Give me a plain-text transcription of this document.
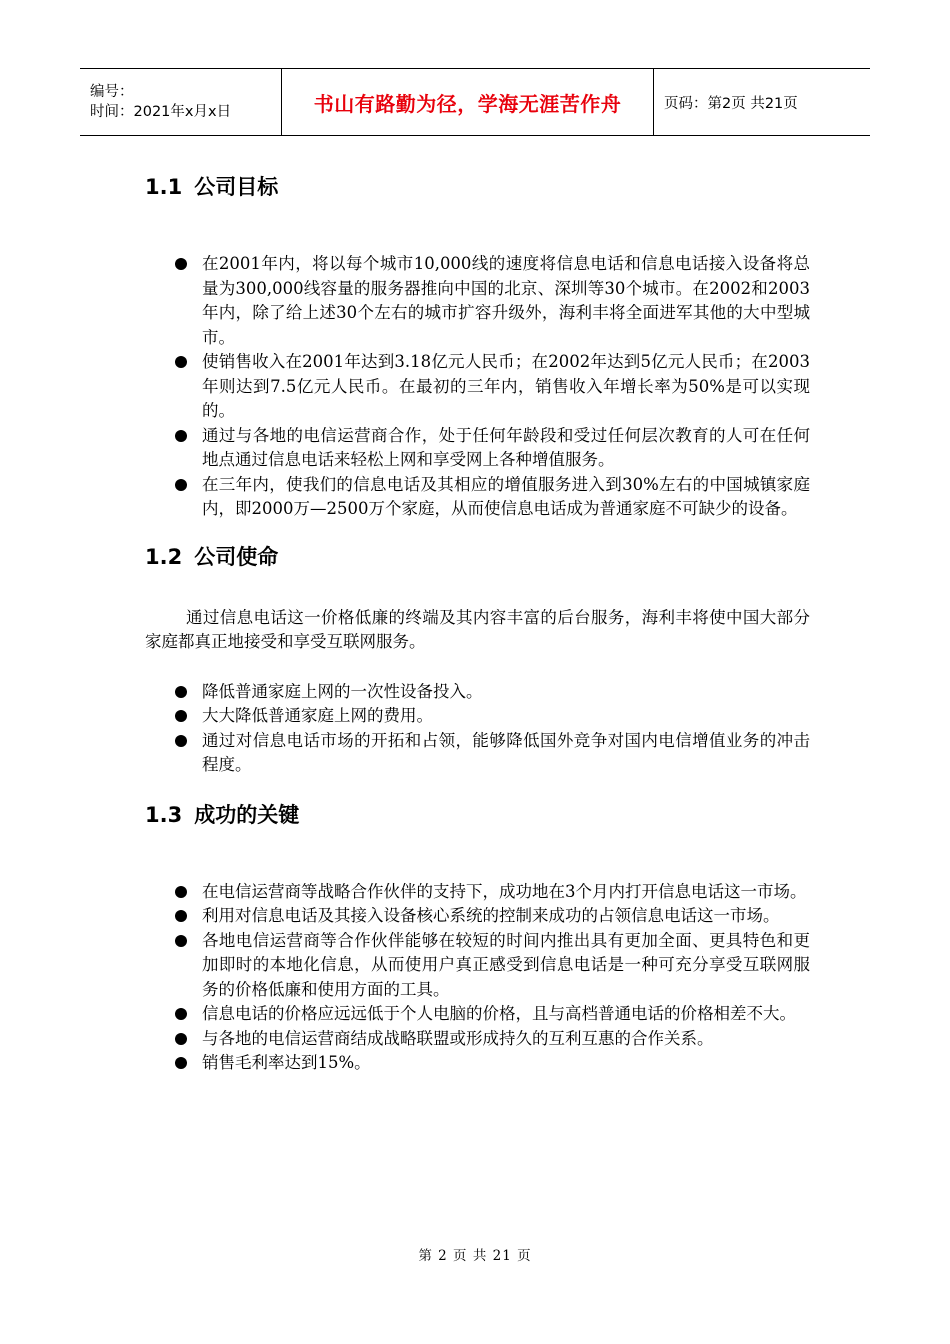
编号：
时间：2021年x月x日	书山有路勤为径，学海无涯苦作舟	页码：第2页 共21页
1.1 公司目标
在2001年内，将以每个城市10,000线的速度将信息电话和信息电话接入设备将总量为300,000线容量的服务器推向中国的北京、深圳等30个城市。在2002和2003年内，除了给上述30个左右的城市扩容升级外，海利丰将全面进军其他的大中型城市。
使销售收入在2001年达到3.18亿元人民币；在2002年达到5亿元人民币；在2003年则达到7.5亿元人民币。在最初的三年内，销售收入年增长率为50%是可以实现的。
通过与各地的电信运营商合作，处于任何年龄段和受过任何层次教育的人可在任何地点通过信息电话来轻松上网和享受网上各种增值服务。
在三年内，使我们的信息电话及其相应的增值服务进入到30%左右的中国城镇家庭内，即2000万—2500万个家庭，从而使信息电话成为普通家庭不可缺少的设备。
1.2 公司使命

通过信息电话这一价格低廉的终端及其内容丰富的后台服务，海利丰将使中国大部分家庭都真正地接受和享受互联网服务。

降低普通家庭上网的一次性设备投入。
大大降低普通家庭上网的费用。
通过对信息电话市场的开拓和占领，能够降低国外竞争对国内电信增值业务的冲击程度。
1.3 成功的关键
在电信运营商等战略合作伙伴的支持下，成功地在3个月内打开信息电话这一市场。
利用对信息电话及其接入设备核心系统的控制来成功的占领信息电话这一市场。
各地电信运营商等合作伙伴能够在较短的时间内推出具有更加全面、更具特色和更加即时的本地化信息，从而使用户真正感受到信息电话是一种可充分享受互联网服务的价格低廉和使用方面的工具。
信息电话的价格应远远低于个人电脑的价格，且与高档普通电话的价格相差不大。
与各地的电信运营商结成战略联盟或形成持久的互利互惠的合作关系。
销售毛利率达到15%。
第 2 页 共 21 页
